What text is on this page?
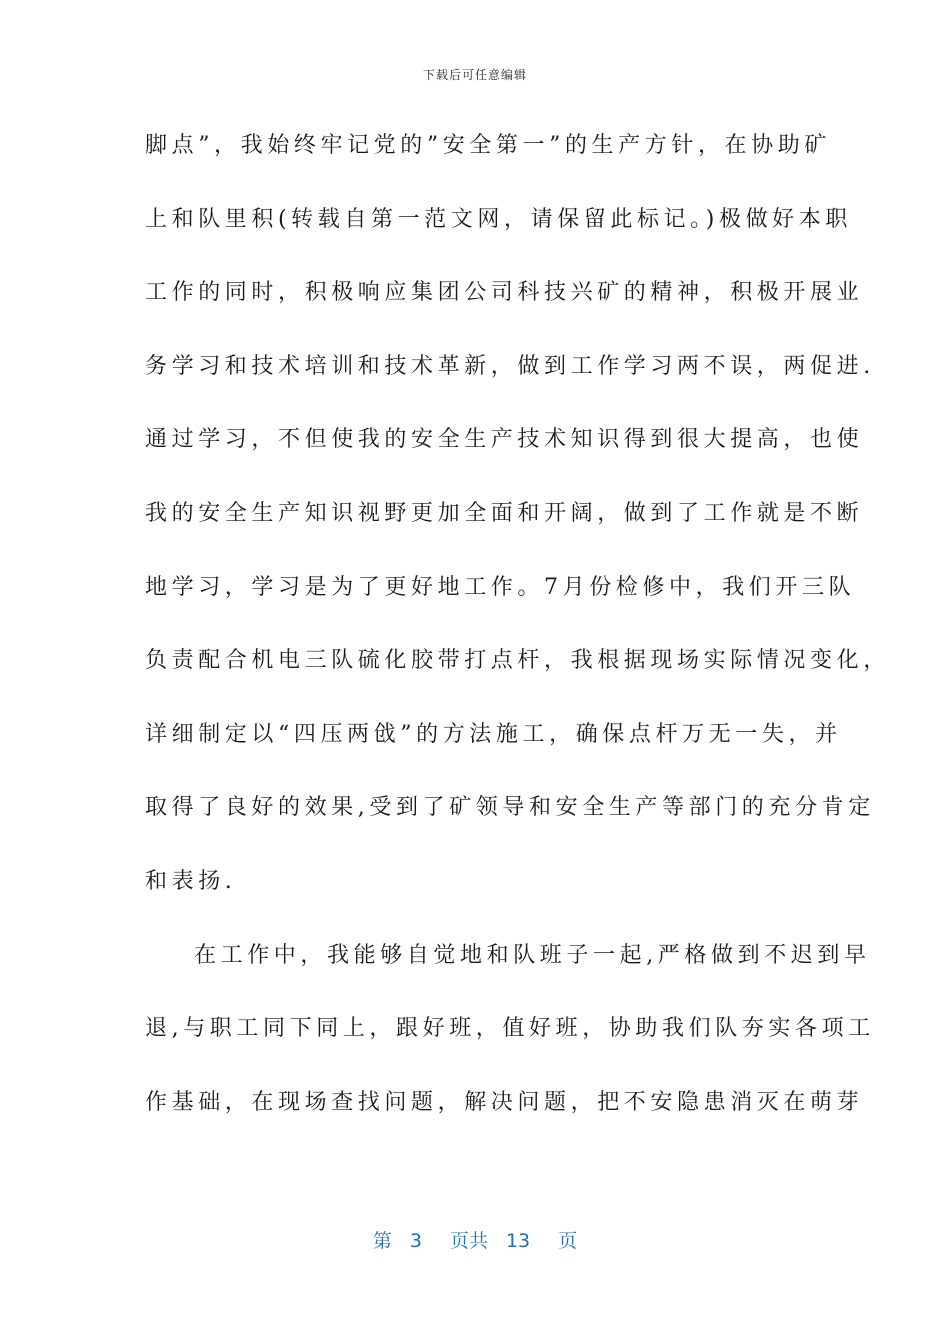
下载后可任意编辑
脚点”，我始终牢记党的”安全第一”的生产方针，在协助矿
上和队里积(转载自第一范文网，请保留此标记。)极做好本职
工作的同时，积极响应集团公司科技兴矿的精神，积极开展业
务学习和技术培训和技术革新，做到工作学习两不误，两促进.
通过学习，不但使我的安全生产技术知识得到很大提高，也使
我的安全生产知识视野更加全面和开阔，做到了工作就是不断
地学习，学习是为了更好地工作。7月份检修中，我们开三队
负责配合机电三队硫化胶带打点杆，我根据现场实际情况变化，
详细制定以“四压两戗”的方法施工，确保点杆万无一失，并
取得了良好的效果,受到了矿领导和安全生产等部门的充分肯定
和表扬.
在工作中，我能够自觉地和队班子一起,严格做到不迟到早
退,与职工同下同上，跟好班，值好班，协助我们队夯实各项工
作基础，在现场查找问题，解决问题，把不安隐患消灭在萌芽
第 3 页共 13 页
